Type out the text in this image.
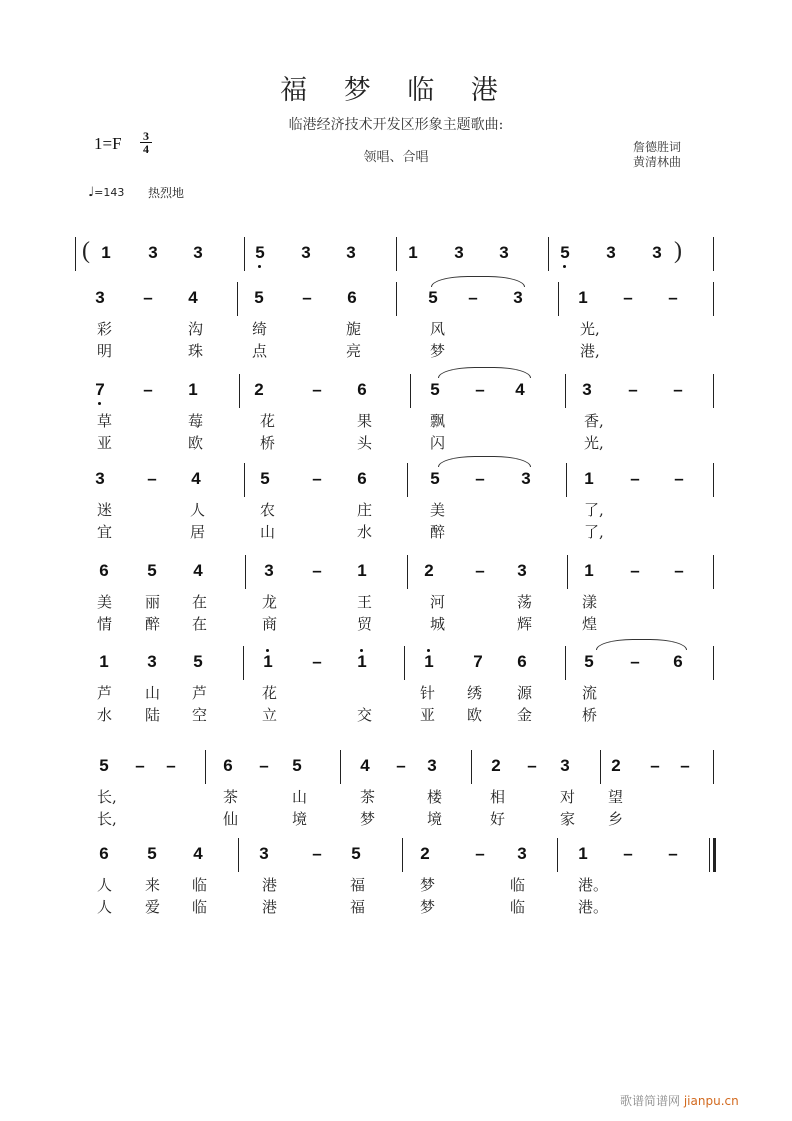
福 梦 临 港
临港经济技术开发区形象主题歌曲:
1=F 3
4
领唱、合唱
詹德胜词
黄清林曲
♩=143 热烈地
1	3	3	5	3	3	1	3	3	5	3	3
(	)
3	–	4	5	–	6	5	–	3	1	–	–
彩	沟	绮	旎	风	光,
明	珠	点	亮	梦	港,
7	–	1	2	–	6	5	–	4	3	–	–
草	莓	花	果	飘	香,
亚	欧	桥	头	闪	光,
3	–	4	5	–	6	5	–	3	1	–	–
迷	人	农	庄	美	了,
宜	居	山	水	醉	了,
6	5	4	3	–	1	2	–	3	1	–	–
美	丽	在	龙	王	河	荡	漾
情	醉	在	商	贸	城	辉	煌
1	3	5	1	–	1	1	7	6	5	–	6
芦	山	芦	花	针	绣	源	流
水	陆	空	立	交	亚	欧	金	桥
5	–	–	6	–	5	4	–	3	2	–	3	2	–	–
长,	茶	山	茶	楼	相	对	望
长,	仙	境	梦	境	好	家	乡
6	5	4	3	–	5	2	–	3	1	–	–
人	来	临	港	福	梦	临	港。
人	爱	临	港	福	梦	临	港。
歌谱简谱网 jianpu.cn
